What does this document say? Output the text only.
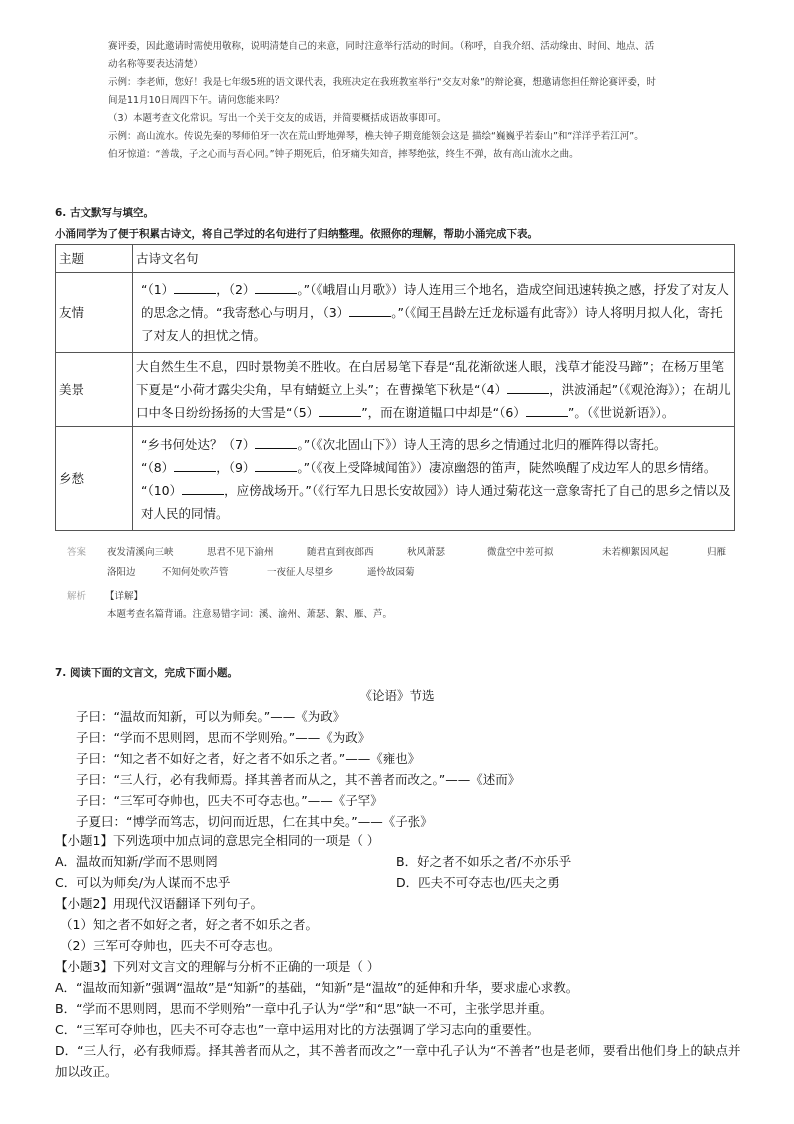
赛评委，因此邀请时需使用敬称，说明清楚自己的来意，同时注意举行活动的时间。（称呼，自我介绍、活动缘由、时间、地点、活
动名称等要表达清楚）
示例：李老师，您好！我是七年级5班的语文课代表，我班决定在我班教室举行“交友对象”的辩论赛，想邀请您担任辩论赛评委，时
间是11月10日周四下午。请问您能来吗？
（3）本题考查文化常识。写出一个关于交友的成语，并简要概括成语故事即可。
示例：高山流水。传说先秦的琴师伯牙一次在荒山野地弹琴，樵夫钟子期竟能领会这是 描绘“巍巍乎若泰山”和“洋洋乎若江河”。
伯牙惊道：“善哉，子之心而与吾心同。”钟子期死后，伯牙痛失知音，摔琴绝弦，终生不弹，故有高山流水之曲。
6. 古文默写与填空。
小涌同学为了便于积累古诗文，将自己学过的名句进行了归纳整理。依照你的理解，帮助小涌完成下表。
主题	古诗文名句
友情	“（1） ，（2） 。”（《峨眉山月歌》）诗人连用三个地名，造成空间迅速转换之感，抒发了对友人的思念之情。“我寄愁心与明月，（3） 。”（《闻王昌龄左迁龙标遥有此寄》）诗人将明月拟人化，寄托了对友人的担忧之情。
美景	大自然生生不息，四时景物美不胜收。在白居易笔下春是“乱花渐欲迷人眼，浅草才能没马蹄”；在杨万里笔下夏是“小荷才露尖尖角，早有蜻蜓立上头”；在曹操笔下秋是“（4） ，洪波涌起”（《观沧海》）；在胡儿口中冬日纷纷扬扬的大雪是“（5） ”，而在谢道韫口中却是“（6） ”。（《世说新语》）。
乡愁	“乡书何处达？（7） 。”（《次北固山下》）诗人王湾的思乡之情通过北归的雁阵得以寄托。
“（8） ，（9） 。”（《夜上受降城闻笛》）凄凉幽怨的笛声，陡然唤醒了戍边军人的思乡情绪。
“（10） ，应傍战场开。”（《行军九日思长安故园》）诗人通过菊花这一意象寄托了自己的思乡之情以及对人民的同情。
答案 夜发清溪向三峡	思君不见下渝州	随君直到夜郎西	秋风萧瑟	微盘空中差可拟	未若柳絮因风起	归雁
洛阳边	不知何处吹芦管	一夜征人尽望乡	遥怜故园菊
解析 【详解】
本题考查名篇背诵。注意易错字词：溪、渝州、萧瑟、絮、雁、芦。
7. 阅读下面的文言文，完成下面小题。
《论语》节选
子曰：“温故而知新，可以为师矣。”——《为政》
子曰：“学而不思则罔，思而不学则殆。”——《为政》
子曰：“知之者不如好之者，好之者不如乐之者。”——《雍也》
子曰：“三人行，必有我师焉。择其善者而从之，其不善者而改之。”——《述而》
子曰：“三军可夺帅也，匹夫不可夺志也。”——《子罕》
子夏曰：“博学而笃志，切问而近思，仁在其中矣。”——《子张》
【小题1】下列选项中加点词的意思完全相同的一项是（ ）
A．温故而知新/学而不思则罔	B．好之者不如乐之者/不亦乐乎
C．可以为师矣/为人谋而不忠乎	D．匹夫不可夺志也/匹夫之勇
【小题2】用现代汉语翻译下列句子。
（1）知之者不如好之者，好之者不如乐之者。
（2）三军可夺帅也，匹夫不可夺志也。
【小题3】下列对文言文的理解与分析不正确的一项是（ ）
A．“温故而知新”强调“温故”是“知新”的基础，“知新”是“温故”的延伸和升华，要求虚心求教。
B．“学而不思则罔，思而不学则殆”一章中孔子认为“学”和“思”缺一不可，主张学思并重。
C．“三军可夺帅也，匹夫不可夺志也”一章中运用对比的方法强调了学习志向的重要性。
D．“三人行，必有我师焉。择其善者而从之，其不善者而改之”一章中孔子认为“不善者”也是老师，要看出他们身上的缺点并
加以改正。
